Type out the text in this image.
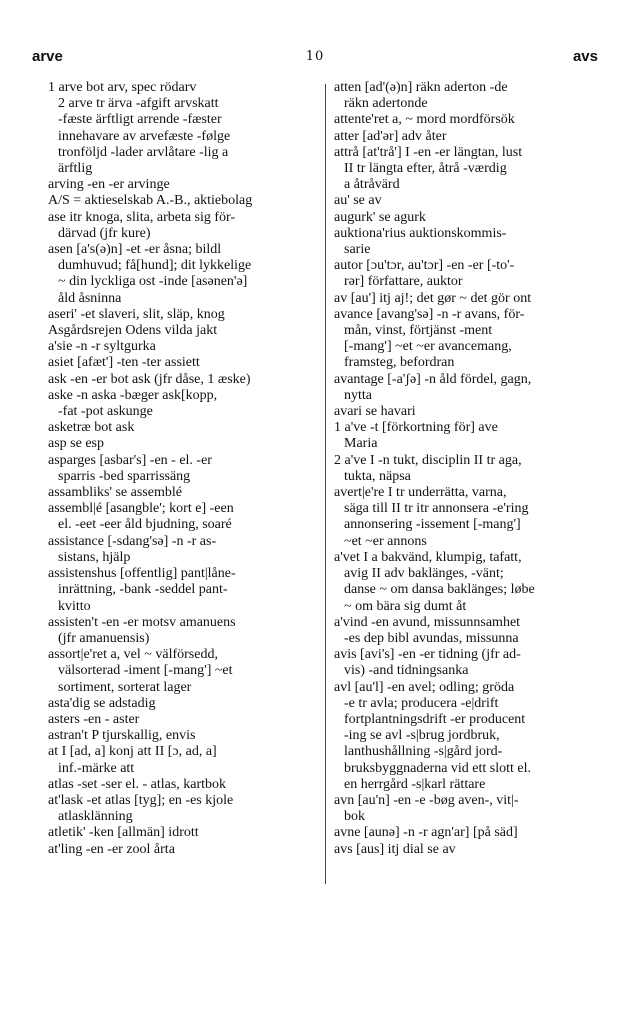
arve	10	avs
1 arve bot arv, spec rödarv
2 arve tr ärva -afgift arvskatt
-fæste ärftligt arrende -fæster
innehavare av arvefæste -følge
tronföljd -lader arvlåtare -lig a
ärftlig
arving -en -er arvinge
A/S = aktieselskab A.-B., aktiebolag
ase itr knoga, slita, arbeta sig för-
därvad (jfr kure)
asen [a's(ə)n] -et -er åsna; bildl
dumhuvud; få[hund]; dit lykkelige
~ din lyckliga ost -inde [asənen'ə]
åld åsninna
aseri' -et slaveri, slit, släp, knog
Asgårdsrejen Odens vilda jakt
a'sie -n -r syltgurka
asiet [afæt'] -ten -ter assiett
ask -en -er bot ask (jfr dåse, 1 æske)
aske -n aska -bæger ask[kopp,
-fat -pot askunge
asketræ bot ask
asp se esp
asparges [asbar's] -en - el. -er
sparris -bed sparrissäng
assambliks' se assemblé
assembl|é [asangble'; kort e] -een
el. -eet -eer åld bjudning, soaré
assistance [-sdang'sə] -n -r as-
sistans, hjälp
assistenshus [offentlig] pant|låne-
inrättning, -bank -seddel pant-
kvitto
assisten't -en -er motsv amanuens
(jfr amanuensis)
assort|e'ret a, vel ~ välförsedd,
välsorterad -iment [-mang'] ~et
sortiment, sorterat lager
asta'dig se adstadig
asters -en - aster
astran't P tjurskallig, envis
at I [ad, a] konj att II [ɔ, ad, a]
inf.-märke att
atlas -set -ser el. - atlas, kartbok
at'lask -et atlas [tyg]; en -es kjole
atlasklänning
atletik' -ken [allmän] idrott
at'ling -en -er zool årta
atten [ad'(ə)n] räkn aderton -de
räkn adertonde
attente'ret a, ~ mord mordförsök
atter [ad'ər] adv åter
attrå [at'trå'] I -en -er längtan, lust
II tr längta efter, åtrå -værdig
a åtråvärd
au' se av
augurk' se agurk
auktiona'rius auktionskommis-
sarie
autor [ɔu'tɔr, au'tɔr] -en -er [-to'-
rər] författare, auktor
av [au'] itj aj!; det gør ~ det gör ont
avance [avang'sə] -n -r avans, för-
mån, vinst, förtjänst -ment
[-mang'] ~et ~er avancemang,
framsteg, befordran
avantage [-a'ʃə] -n åld fördel, gagn,
nytta
avari se havari
1 a've -t [förkortning för] ave
Maria
2 a've I -n tukt, disciplin II tr aga,
tukta, näpsa
avert|e're I tr underrätta, varna,
säga till II tr itr annonsera -e'ring
annonsering -issement [-mang']
~et ~er annons
a'vet I a bakvänd, klumpig, tafatt,
avig II adv baklänges, -vänt;
danse ~ om dansa baklänges; løbe
~ om bära sig dumt åt
a'vind -en avund, missunnsamhet
-es dep bibl avundas, missunna
avis [avi's] -en -er tidning (jfr ad-
vis) -and tidningsanka
avl [au'l] -en avel; odling; gröda
-e tr avla; producera -e|drift
fortplantningsdrift -er producent
-ing se avl -s|brug jordbruk,
lanthushållning -s|gård jord-
bruksbyggnaderna vid ett slott el.
en herrgård -s|karl rättare
avn [au'n] -en -e -bøg aven-, vit|-
bok
avne [aunə] -n -r agn'ar] [på säd]
avs [aus] itj dial se av
